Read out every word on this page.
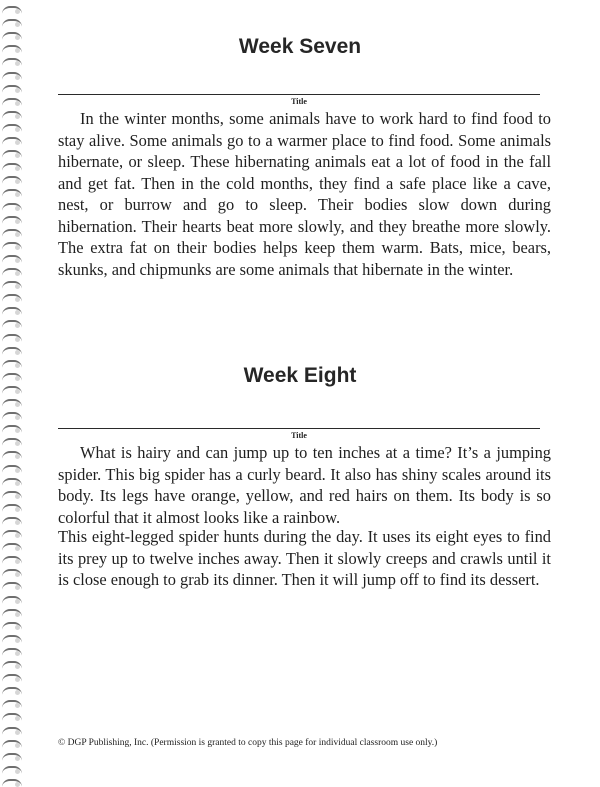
Week Seven
Title

In the winter months, some animals have to work hard to find food to stay alive. Some animals go to a warmer place to find food. Some animals hibernate, or sleep. These hibernating animals eat a lot of food in the fall and get fat. Then in the cold months, they find a safe place like a cave, nest, or burrow and go to sleep. Their bodies slow down during hibernation. Their hearts beat more slowly, and they breathe more slowly. The extra fat on their bodies helps keep them warm. Bats, mice, bears, skunks, and chipmunks are some animals that hibernate in the winter.

Week Eight
Title

What is hairy and can jump up to ten inches at a time? It’s a jumping spider. This big spider has a curly beard. It also has shiny scales around its body. Its legs have orange, yellow, and red hairs on them. Its body is so colorful that it almost looks like a rainbow.

This eight-legged spider hunts during the day. It uses its eight eyes to find its prey up to twelve inches away. Then it slowly creeps and crawls until it is close enough to grab its dinner. Then it will jump off to find its dessert.

© DGP Publishing, Inc. (Permission is granted to copy this page for individual classroom use only.)
